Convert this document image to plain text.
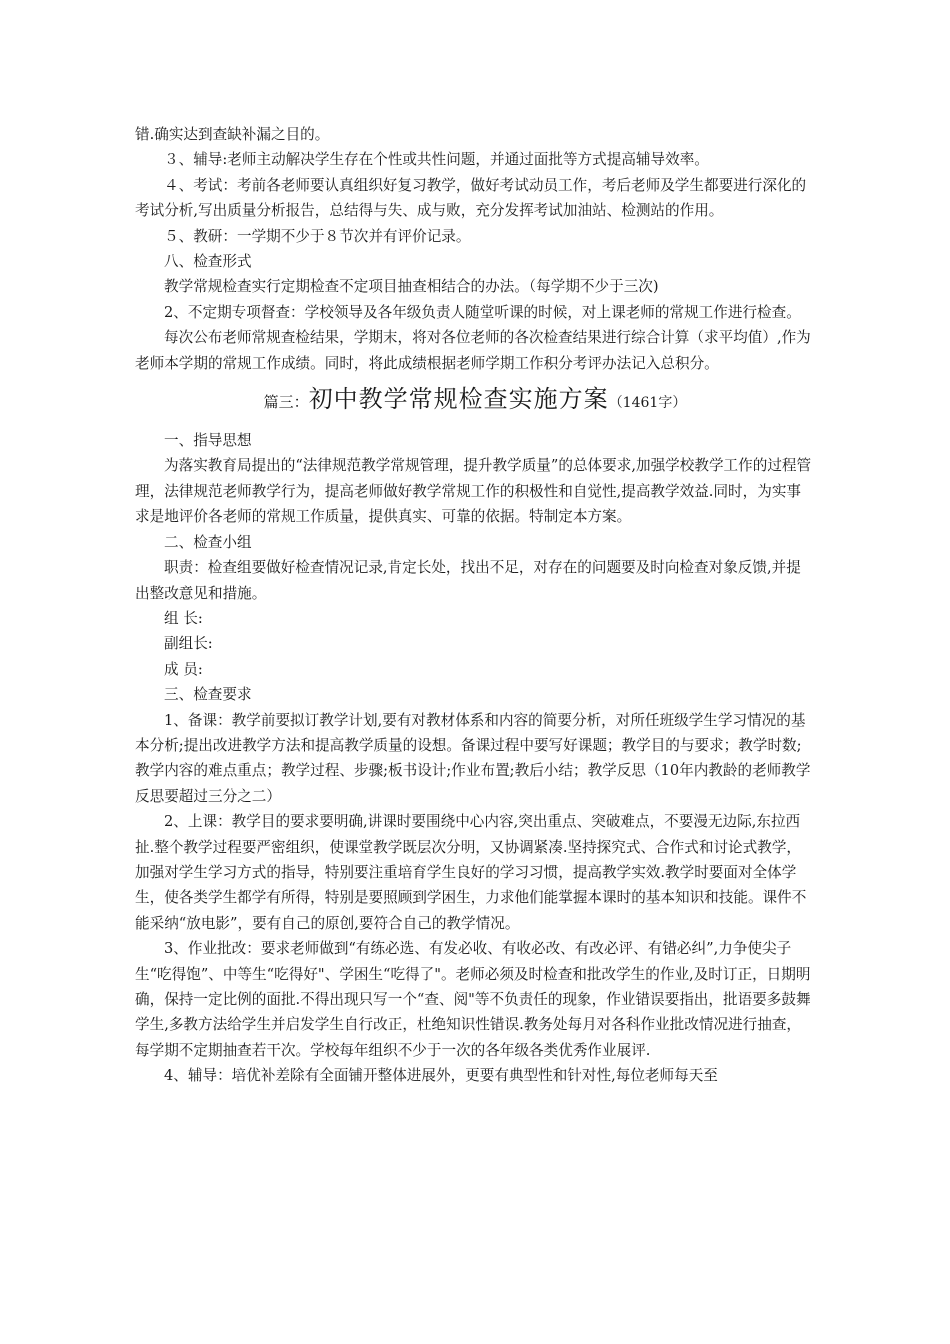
错.确实达到查缺补漏之目的。

３、辅导:老师主动解决学生存在个性或共性问题，并通过面批等方式提高辅导效率。

４、考试：考前各老师要认真组织好复习教学，做好考试动员工作，考后老师及学生都要进行深化的考试分析,写出质量分析报告，总结得与失、成与败，充分发挥考试加油站、检测站的作用。

５、教研：一学期不少于８节次并有评价记录。

八、检查形式

教学常规检查实行定期检查不定项目抽查相结合的办法。（每学期不少于三次)

2、不定期专项督查：学校领导及各年级负责人随堂听课的时候，对上课老师的常规工作进行检查。

每次公布老师常规查检结果，学期末，将对各位老师的各次检查结果进行综合计算（求平均值）,作为老师本学期的常规工作成绩。同时，将此成绩根据老师学期工作积分考评办法记入总积分。

篇三：初中教学常规检查实施方案（1461字）

一、指导思想

为落实教育局提出的“法律规范教学常规管理，提升教学质量”的总体要求,加强学校教学工作的过程管理，法律规范老师教学行为，提高老师做好教学常规工作的积极性和自觉性,提高教学效益.同时，为实事求是地评价各老师的常规工作质量，提供真实、可靠的依据。特制定本方案。

二、检查小组

职责：检查组要做好检查情况记录,肯定长处，找出不足，对存在的问题要及时向检查对象反馈,并提出整改意见和措施。

组 长:

副组长:

成 员:

三、检查要求

1、备课：教学前要拟订教学计划,要有对教材体系和内容的简要分析，对所任班级学生学习情况的基本分析;提出改进教学方法和提高教学质量的设想。备课过程中要写好课题；教学目的与要求；教学时数;教学内容的难点重点；教学过程、步骤;板书设计;作业布置;教后小结；教学反思（10年内教龄的老师教学反思要超过三分之二）

2、上课：教学目的要求要明确,讲课时要围绕中心内容,突出重点、突破难点，不要漫无边际,东拉西扯.整个教学过程要严密组织，使课堂教学既层次分明，又协调紧凑.坚持探究式、合作式和讨论式教学，加强对学生学习方式的指导，特别要注重培育学生良好的学习习惯，提高教学实效.教学时要面对全体学生，使各类学生都学有所得，特别是要照顾到学困生，力求他们能掌握本课时的基本知识和技能。课件不能采纳“放电影”，要有自己的原创,要符合自己的教学情况。

3、作业批改：要求老师做到“有练必选、有发必收、有收必改、有改必评、有错必纠”,力争使尖子生“吃得饱”、中等生“吃得好"、学困生“吃得了"。老师必须及时检查和批改学生的作业,及时订正，日期明确，保持一定比例的面批.不得出现只写一个“查、阅"等不负责任的现象，作业错误要指出，批语要多鼓舞学生,多教方法给学生并启发学生自行改正，杜绝知识性错误.教务处每月对各科作业批改情况进行抽查，每学期不定期抽查若干次。学校每年组织不少于一次的各年级各类优秀作业展评.

4、辅导：培优补差除有全面铺开整体进展外，更要有典型性和针对性,每位老师每天至
